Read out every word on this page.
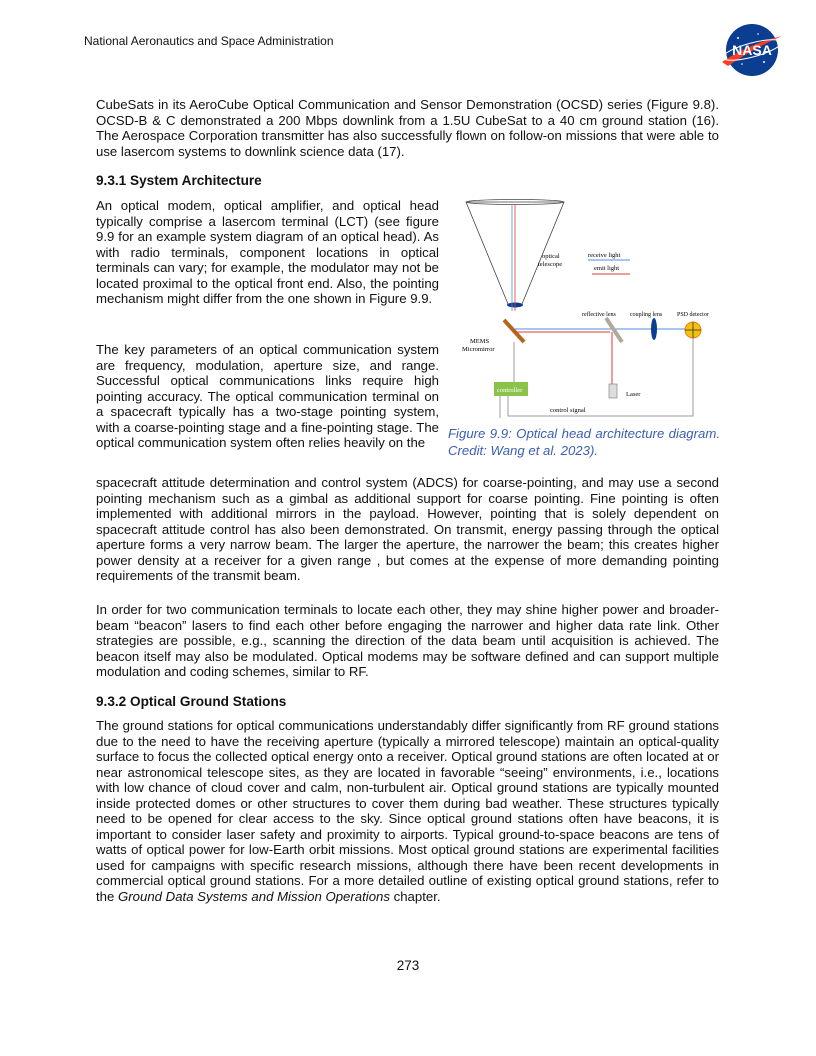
National Aeronautics and Space Administration
NASA

CubeSats in its AeroCube Optical Communication and Sensor Demonstration (OCSD) series (Figure 9.8). OCSD-B & C demonstrated a 200 Mbps downlink from a 1.5U CubeSat to a 40 cm ground station (16). The Aerospace Corporation transmitter has also successfully flown on follow-on missions that were able to use lasercom systems to downlink science data (17).

9.3.1 System Architecture

An optical modem, optical amplifier, and optical head typically comprise a lasercom terminal (LCT) (see figure 9.9 for an example system diagram of an optical head). As with radio terminals, component locations in optical terminals can vary; for example, the modulator may not be located proximal to the optical front end. Also, the pointing mechanism might differ from the one shown in Figure 9.9.

The key parameters of an optical communication system are frequency, modulation, aperture size, and range. Successful optical communications links require high pointing accuracy. The optical communication terminal on a spacecraft typically has a two-stage pointing system, with a coarse-pointing stage and a fine-pointing stage. The optical communication system often relies heavily on the

optical
telescope
receive light
emit light
MEMS
Micromirror
reflective lens coupling lens PSD detector
Laser
controller
control signal
Figure 9.9: Optical head architecture diagram. Credit: Wang et al. 2023).

spacecraft attitude determination and control system (ADCS) for coarse-pointing, and may use a second pointing mechanism such as a gimbal as additional support for coarse pointing. Fine pointing is often implemented with additional mirrors in the payload. However, pointing that is solely dependent on spacecraft attitude control has also been demonstrated. On transmit, energy passing through the optical aperture forms a very narrow beam. The larger the aperture, the narrower the beam; this creates higher power density at a receiver for a given range , but comes at the expense of more demanding pointing requirements of the transmit beam.

In order for two communication terminals to locate each other, they may shine higher power and broader-beam “beacon” lasers to find each other before engaging the narrower and higher data rate link. Other strategies are possible, e.g., scanning the direction of the data beam until acquisition is achieved. The beacon itself may also be modulated. Optical modems may be software defined and can support multiple modulation and coding schemes, similar to RF.

9.3.2 Optical Ground Stations

The ground stations for optical communications understandably differ significantly from RF ground stations due to the need to have the receiving aperture (typically a mirrored telescope) maintain an optical-quality surface to focus the collected optical energy onto a receiver. Optical ground stations are often located at or near astronomical telescope sites, as they are located in favorable “seeing” environments, i.e., locations with low chance of cloud cover and calm, non-turbulent air. Optical ground stations are typically mounted inside protected domes or other structures to cover them during bad weather. These structures typically need to be opened for clear access to the sky. Since optical ground stations often have beacons, it is important to consider laser safety and proximity to airports. Typical ground-to-space beacons are tens of watts of optical power for low-Earth orbit missions. Most optical ground stations are experimental facilities used for campaigns with specific research missions, although there have been recent developments in commercial optical ground stations. For a more detailed outline of existing optical ground stations, refer to the Ground Data Systems and Mission Operations chapter.

273
